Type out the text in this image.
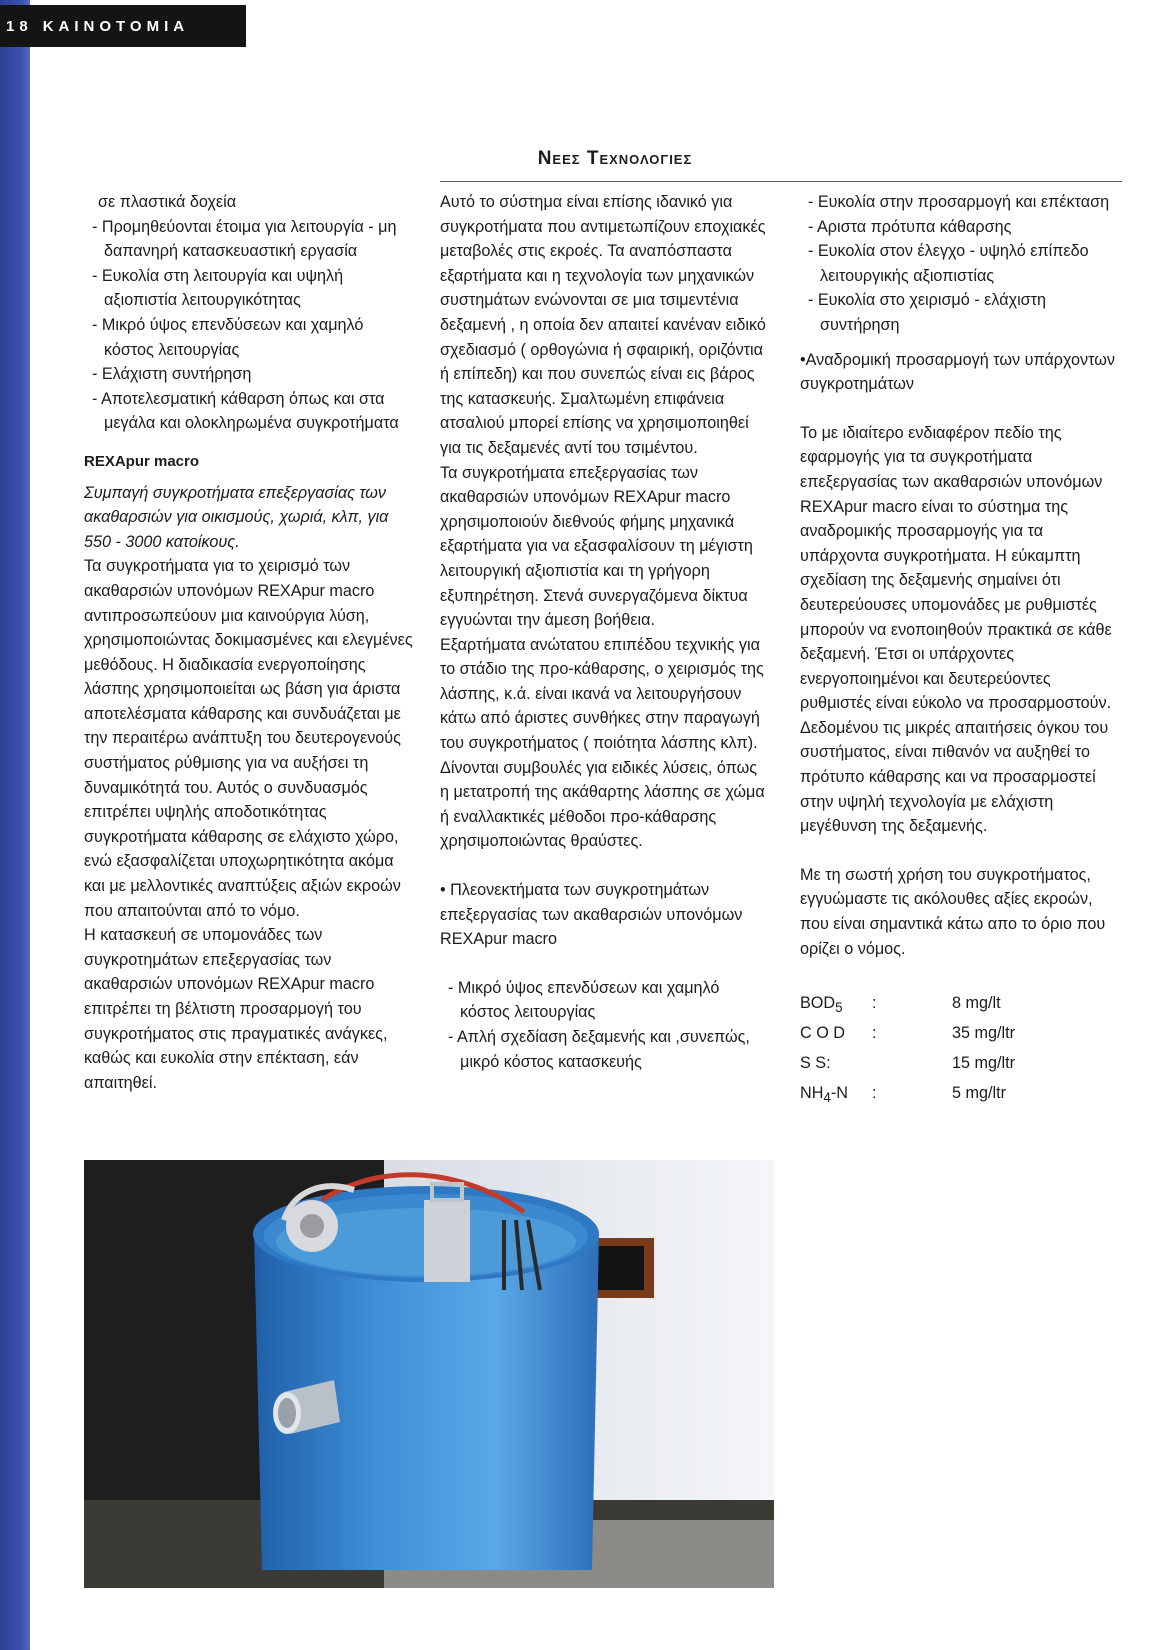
18 ΚΑΙΝΟΤΟΜΙΑ
Νεες Τεχνολογιες

σε πλαστικά δοχεία

- Προμηθεύονται έτοιμα για λειτουργία - μη δαπανηρή κατασκευαστική εργασία

- Ευκολία στη λειτουργία και υψηλή αξιοπιστία λειτουργικότητας

- Μικρό ύψος επενδύσεων και χαμηλό κόστος λειτουργίας

- Ελάχιστη συντήρηση

- Αποτελεσματική κάθαρση όπως και στα μεγάλα και ολοκληρωμένα συγκροτήματα

REXApur macro

Συμπαγή συγκροτήματα επεξεργασίας των ακαθαρσιών για οικισμούς, χωριά, κλπ, για 550 - 3000 κατοίκους.

Τα συγκροτήματα για το χειρισμό των ακαθαρσιών υπονόμων REXApur macro αντιπροσωπεύουν μια καινούργια λύση, χρησιμοποιώντας δοκιμασμένες και ελεγμένες μεθόδους. Η διαδικασία ενεργοποίησης λάσπης χρησιμοποιείται ως βάση για άριστα αποτελέσματα κάθαρσης και συνδυάζεται με την περαιτέρω ανάπτυξη του δευτερογενούς συστήματος ρύθμισης για να αυξήσει τη δυναμικότητά του. Αυτός ο συνδυασμός επιτρέπει υψηλής αποδοτικότητας συγκροτήματα κάθαρσης σε ελάχιστο χώρο, ενώ εξασφαλίζεται υποχωρητικότητα ακόμα και με μελλοντικές αναπτύξεις αξιών εκροών που απαιτούνται από το νόμο.

Η κατασκευή σε υπομονάδες των συγκροτημάτων επεξεργασίας των ακαθαρσιών υπονόμων REXApur macro επιτρέπει τη βέλτιστη προσαρμογή του συγκροτήματος στις πραγματικές ανάγκες, καθώς και ευκολία στην επέκταση, εάν απαιτηθεί.

Αυτό το σύστημα είναι επίσης ιδανικό για συγκροτήματα που αντιμετωπίζουν εποχιακές μεταβολές στις εκροές. Τα αναπόσπαστα εξαρτήματα και η τεχνολογία των μηχανικών συστημάτων ενώνονται σε μια τσιμεντένια δεξαμενή , η οποία δεν απαιτεί κανέναν ειδικό σχεδιασμό ( ορθογώνια ή σφαιρική, οριζόντια ή επίπεδη) και που συνεπώς είναι εις βάρος της κατασκευής. Σμαλτωμένη επιφάνεια ατσαλιού μπορεί επίσης να χρησιμοποιηθεί για τις δεξαμενές αντί του τσιμέντου.

Τα συγκροτήματα επεξεργασίας των ακαθαρσιών υπονόμων REXApur macro χρησιμοποιούν διεθνούς φήμης μηχανικά εξαρτήματα για να εξασφαλίσουν τη μέγιστη λειτουργική αξιοπιστία και τη γρήγορη εξυπηρέτηση. Στενά συνεργαζόμενα δίκτυα εγγυώνται την άμεση βοήθεια.

Εξαρτήματα ανώτατου επιπέδου τεχνικής για το στάδιο της προ-κάθαρσης, ο χειρισμός της λάσπης, κ.ά. είναι ικανά να λειτουργήσουν κάτω από άριστες συνθήκες στην παραγωγή του συγκροτήματος ( ποιότητα λάσπης κλπ). Δίνονται συμβουλές για ειδικές λύσεις, όπως η μετατροπή της ακάθαρτης λάσπης σε χώμα ή εναλλακτικές μέθοδοι προ-κάθαρσης χρησιμοποιώντας θραύστες.

• Πλεονεκτήματα των συγκροτημάτων επεξεργασίας των ακαθαρσιών υπονόμων REXApur macro

- Μικρό ύψος επενδύσεων και χαμηλό κόστος λειτουργίας

- Απλή σχεδίαση δεξαμενής και ,συνεπώς, μικρό κόστος κατασκευής

- Ευκολία στην προσαρμογή και επέκταση

- Αριστα πρότυπα κάθαρσης

- Ευκολία στον έλεγχο - υψηλό επίπεδο λειτουργικής αξιοπιστίας

- Ευκολία στο χειρισμό - ελάχιστη συντήρηση

•Αναδρομική προσαρμογή των υπάρχοντων συγκροτημάτων

Το με ιδιαίτερο ενδιαφέρον πεδίο της εφαρμογής για τα συγκροτήματα επεξεργασίας των ακαθαρσιών υπονόμων REXApur macro είναι το σύστημα της αναδρομικής προσαρμογής για τα υπάρχοντα συγκροτήματα. Η εύκαμπτη σχεδίαση της δεξαμενής σημαίνει ότι δευτερεύουσες υπομονάδες με ρυθμιστές μπορούν να ενοποιηθούν πρακτικά σε κάθε δεξαμενή. Έτσι οι υπάρχοντες ενεργοποιημένοι και δευτερεύοντες ρυθμιστές είναι εύκολο να προσαρμοστούν. Δεδομένου τις μικρές απαιτήσεις όγκου του συστήματος, είναι πιθανόν να αυξηθεί το πρότυπο κάθαρσης και να προσαρμοστεί στην υψηλή τεχνολογία με ελάχιστη μεγέθυνση της δεξαμενής.

Με τη σωστή χρήση του συγκροτήματος, εγγυώμαστε τις ακόλουθες αξίες εκροών, που είναι σημαντικά κάτω απο το όριο που ορίζει ο νόμος.

$BOD_5$	:	8 mg/lt
C O D	:	35 mg/ltr
S S:	15 mg/ltr
$NH_4-N$	:	5 mg/ltr
